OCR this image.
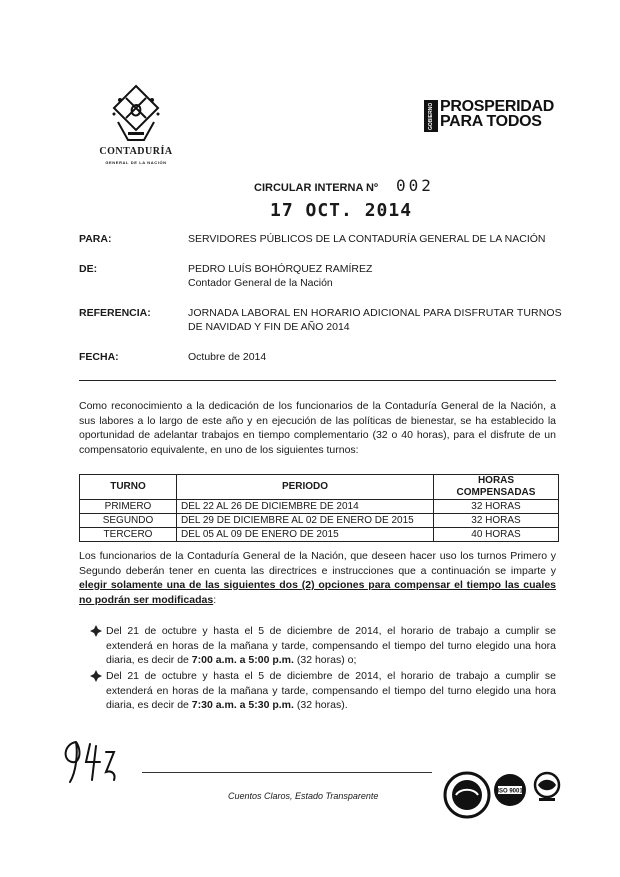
CONTADURÍA
GENERAL DE LA NACIÓN
GOBIERNO PROSPERIDAD
PARA TODOS
CIRCULAR INTERNA Nº 002
17 OCT. 2014
PARA:	SERVIDORES PÚBLICOS DE LA CONTADURÍA GENERAL DE LA NACIÓN
DE:	PEDRO LUÍS BOHÓRQUEZ RAMÍREZ
Contador General de la Nación
REFERENCIA:	JORNADA LABORAL EN HORARIO ADICIONAL PARA DISFRUTAR TURNOS
DE NAVIDAD Y FIN DE AÑO 2014
FECHA:	Octubre de 2014
Como reconocimiento a la dedicación de los funcionarios de la Contaduría General de la Nación, a sus labores a lo largo de este año y en ejecución de las políticas de bienestar, se ha establecido la oportunidad de adelantar trabajos en tiempo complementario (32 o 40 horas), para el disfrute de un compensatorio equivalente, en uno de los siguientes turnos:
TURNO	PERIODO	HORAS COMPENSADAS
PRIMERO	DEL 22 AL 26 DE DICIEMBRE DE 2014	32 HORAS
SEGUNDO	DEL 29 DE DICIEMBRE AL 02 DE ENERO DE 2015	32 HORAS
TERCERO	DEL 05 AL 09 DE ENERO DE 2015	40 HORAS
Los funcionarios de la Contaduría General de la Nación, que deseen hacer uso los turnos Primero y Segundo deberán tener en cuenta las directrices e instrucciones que a continuación se imparte y elegir solamente una de las siguientes dos (2) opciones para compensar el tiempo las cuales no podrán ser modificadas:
Del 21 de octubre y hasta el 5 de diciembre de 2014, el horario de trabajo a cumplir se extenderá en horas de la mañana y tarde, compensando el tiempo del turno elegido una hora diaria, es decir de 7:00 a.m. a 5:00 p.m. (32 horas) o;
Del 21 de octubre y hasta el 5 de diciembre de 2014, el horario de trabajo a cumplir se extenderá en horas de la mañana y tarde, compensando el tiempo del turno elegido una hora diaria, es decir de 7:30 a.m. a 5:30 p.m. (32 horas).
Cuentos Claros, Estado Transparente	ISO 9001
